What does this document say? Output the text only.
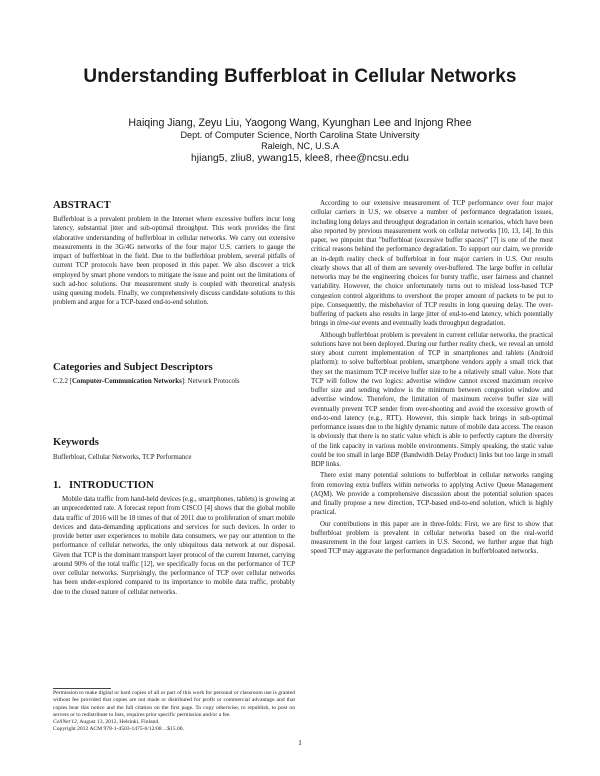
Understanding Bufferbloat in Cellular Networks
Haiqing Jiang, Zeyu Liu, Yaogong Wang, Kyunghan Lee and Injong Rhee
Dept. of Computer Science, North Carolina State University
Raleigh, NC, U.S.A
hjiang5, zliu8, ywang15, klee8, rhee@ncsu.edu
ABSTRACT

Bufferbloat is a prevalent problem in the Internet where excessive buffers incur long latency, substantial jitter and sub-optimal throughput. This work provides the first elaborative understanding of bufferbloat in cellular networks. We carry out extensive measurements in the 3G/4G networks of the four major U.S. carriers to gauge the impact of bufferbloat in the field. Due to the bufferbloat problem, several pitfalls of current TCP protocols have been proposed in this paper. We also discover a trick employed by smart phone vendors to mitigate the issue and point out the limitations of such ad-hoc solutions. Our measurement study is coupled with theoretical analysis using queuing models. Finally, we comprehensively discuss candidate solutions to this problem and argue for a TCP-based end-to-end solution.

Categories and Subject Descriptors

C.2.2 [Computer-Communication Networks]: Network Protocols

Keywords

Bufferbloat, Cellular Networks, TCP Performance

1. INTRODUCTION

Mobile data traffic from hand-held devices (e.g., smartphones, tablets) is growing at an unprecedented rate. A forecast report from CISCO [4] shows that the global mobile data traffic of 2016 will be 18 times of that of 2011 due to proliferation of smart mobile devices and data-demanding applications and services for such devices. In order to provide better user experiences to mobile data consumers, we pay our attention to the performance of cellular networks, the only ubiquitous data network at our disposal. Given that TCP is the dominant transport layer protocol of the current Internet, carrying around 90% of the total traffic [12], we specifically focus on the performance of TCP over cellular networks. Surprisingly, the performance of TCP over cellular networks has been under-explored compared to its importance to mobile data traffic, probably due to the closed nature of cellular networks.

According to our extensive measurement of TCP performance over four major cellular carriers in U.S, we observe a number of performance degradation issues, including long delays and throughput degradation in certain scenarios, which have been also reported by previous measurement work on cellular networks [10, 13, 14]. In this paper, we pinpoint that "bufferbloat (excessive buffer spaces)" [7] is one of the most critical reasons behind the performance degradation. To support our claim, we provide an in-depth reality check of bufferbloat in four major carriers in U.S. Our results clearly shows that all of them are severely over-buffered. The large buffer in cellular networks may be the engineering choices for bursty traffic, user fairness and channel variability. However, the choice unfortunately turns out to mislead loss-based TCP congestion control algorithms to overshoot the proper amount of packets to be put to pipe. Consequently, the misbehavior of TCP results in long queuing delay. The over-buffering of packets also results in large jitter of end-to-end latency, which potentially brings in time-out events and eventually leads throughput degradation.

Although bufferbloat problem is prevalent in current cellular networks, the practical solutions have not been deployed. During our further reality check, we reveal an untold story about current implementation of TCP in smartphones and tablets (Android platform): to solve bufferbloat problem, smartphone vendors apply a small trick that they set the maximum TCP receive buffer size to be a relatively small value. Note that TCP will follow the two logics: advertise window cannot exceed maximum receive buffer size and sending window is the minimum between congestion window and advertise window. Therefore, the limitation of maximum receive buffer size will eventually prevent TCP sender from over-shooting and avoid the excessive growth of end-to-end latency (e.g., RTT). However, this simple hack brings in sub-optimal performance issues due to the highly dynamic nature of mobile data access. The reason is obviously that there is no static value which is able to perfectly capture the diversity of the link capacity in various mobile environments. Simply speaking, the static value could be too small in large BDP (Bandwidth Delay Product) links but too large in small BDP links.

There exist many potential solutions to bufferbloat in cellular networks ranging from removing extra buffers within networks to applying Active Queue Management (AQM). We provide a comprehensive discussion about the potential solution spaces and finally propose a new direction, TCP-based end-to-end solution, which is highly practical.

Our contributions in this paper are in three-folds: First, we are first to show that bufferbloat problem is prevalent in cellular networks based on the real-world measurement in the four largest carriers in U.S. Second, we further argue that high speed TCP may aggravate the performance degradation in bufferbloated networks.

Permission to make digital or hard copies of all or part of this work for personal or classroom use is granted without fee provided that copies are not made or distributed for profit or commercial advantage and that copies bear this notice and the full citation on the first page. To copy otherwise, to republish, to post on servers or to redistribute to lists, requires prior specific permission and/or a fee.
CellNet'12, August 13, 2012, Helsinki, Finland.
Copyright 2012 ACM 978-1-4503-1475-6/12/08 ...$15.00.

1
